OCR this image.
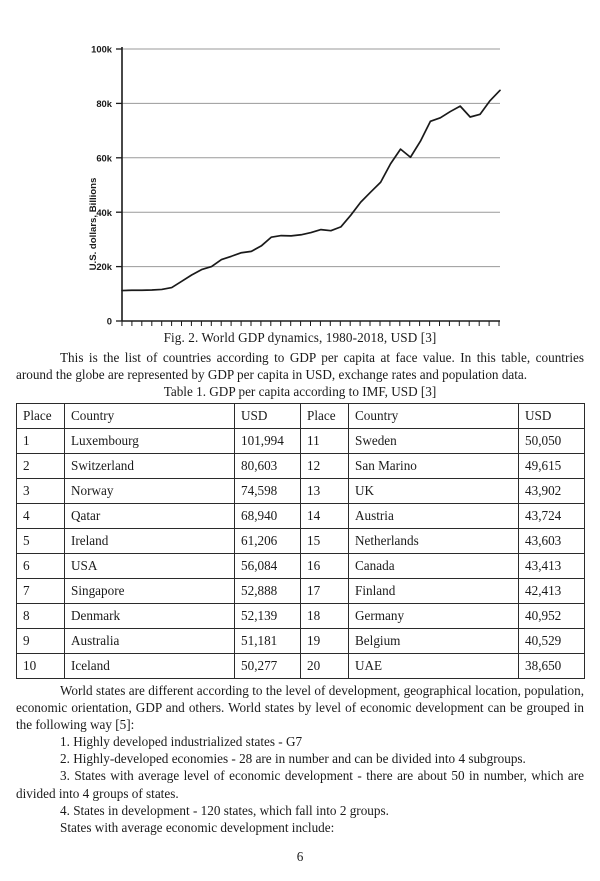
100k
80k
60k
40k
20k
0
U.S. dollars, Billions
Fig. 2. World GDP dynamics, 1980-2018, USD [3]

This is the list of countries according to GDP per capita at face value. In this table, countries around the globe are represented by GDP per capita in USD, exchange rates and population data.

Table 1. GDP per capita according to IMF, USD [3]
Place	Country	USD	Place	Country	USD
1	Luxembourg	101,994	11	Sweden	50,050
2	Switzerland	80,603	12	San Marino	49,615
3	Norway	74,598	13	UK	43,902
4	Qatar	68,940	14	Austria	43,724
5	Ireland	61,206	15	Netherlands	43,603
6	USA	56,084	16	Canada	43,413
7	Singapore	52,888	17	Finland	42,413
8	Denmark	52,139	18	Germany	40,952
9	Australia	51,181	19	Belgium	40,529
10	Iceland	50,277	20	UAE	38,650

World states are different according to the level of development, geographical location, population, economic orientation, GDP and others. World states by level of economic development can be grouped in the following way [5]:

1. Highly developed industrialized states - G7
2. Highly-developed economies - 28 are in number and can be divided into 4 subgroups.
3. States with average level of economic development - there are about 50 in number, which are divided into 4 groups of states.
4. States in development - 120 states, which fall into 2 groups.
States with average economic development include:
6
